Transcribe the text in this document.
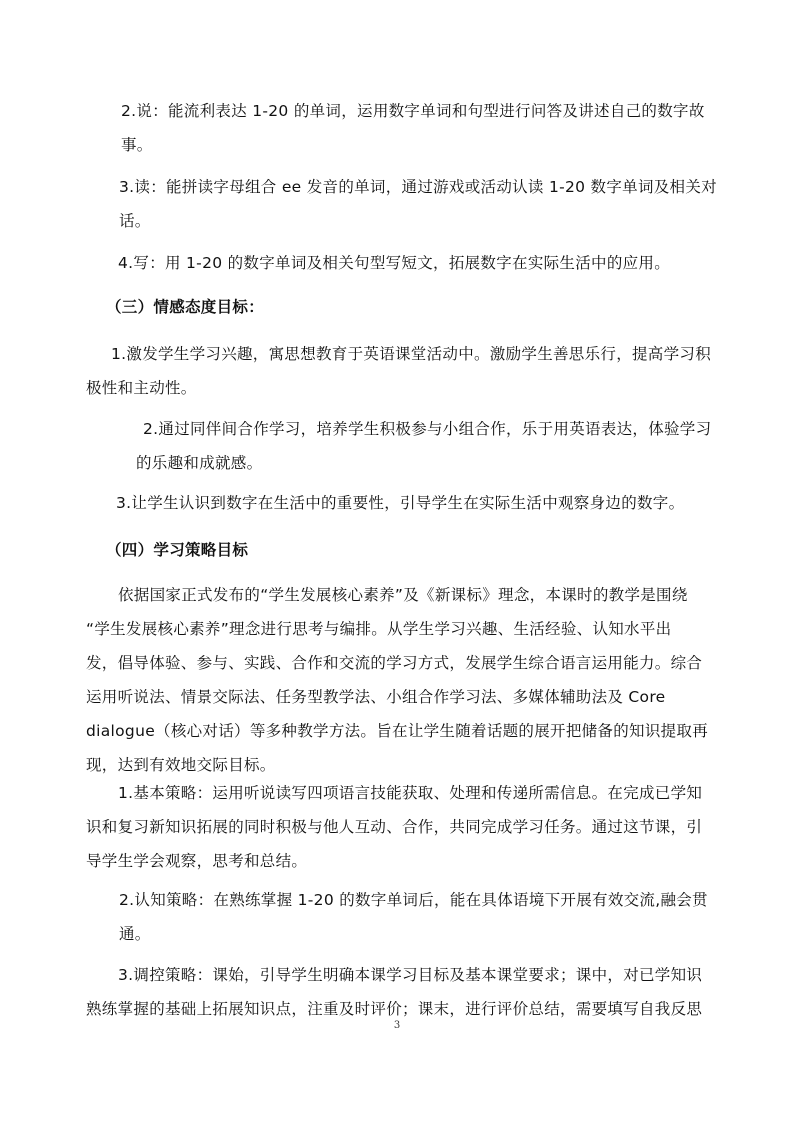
2.说：能流利表达 1-20 的单词，运用数字单词和句型进行问答及讲述自己的数字故
事。
3.读：能拼读字母组合 ee 发音的单词，通过游戏或活动认读 1-20 数字单词及相关对
话。
4.写：用 1-20 的数字单词及相关句型写短文，拓展数字在实际生活中的应用。
（三）情感态度目标：
1.激发学生学习兴趣，寓思想教育于英语课堂活动中。激励学生善思乐行，提高学习积
极性和主动性。
2.通过同伴间合作学习，培养学生积极参与小组合作，乐于用英语表达，体验学习
的乐趣和成就感。
3.让学生认识到数字在生活中的重要性，引导学生在实际生活中观察身边的数字。
（四）学习策略目标
依据国家正式发布的“学生发展核心素养”及《新课标》理念，本课时的教学是围绕
“学生发展核心素养”理念进行思考与编排。从学生学习兴趣、生活经验、认知水平出
发，倡导体验、参与、实践、合作和交流的学习方式，发展学生综合语言运用能力。综合
运用听说法、情景交际法、任务型教学法、小组合作学习法、多媒体辅助法及 Core
dialogue（核心对话）等多种教学方法。旨在让学生随着话题的展开把储备的知识提取再
现，达到有效地交际目标。
1.基本策略：运用听说读写四项语言技能获取、处理和传递所需信息。在完成已学知
识和复习新知识拓展的同时积极与他人互动、合作，共同完成学习任务。通过这节课，引
导学生学会观察，思考和总结。
2.认知策略：在熟练掌握 1-20 的数字单词后，能在具体语境下开展有效交流,融会贯
通。
3.调控策略：课始，引导学生明确本课学习目标及基本课堂要求；课中，对已学知识
熟练掌握的基础上拓展知识点，注重及时评价；课末，进行评价总结，需要填写自我反思
3
